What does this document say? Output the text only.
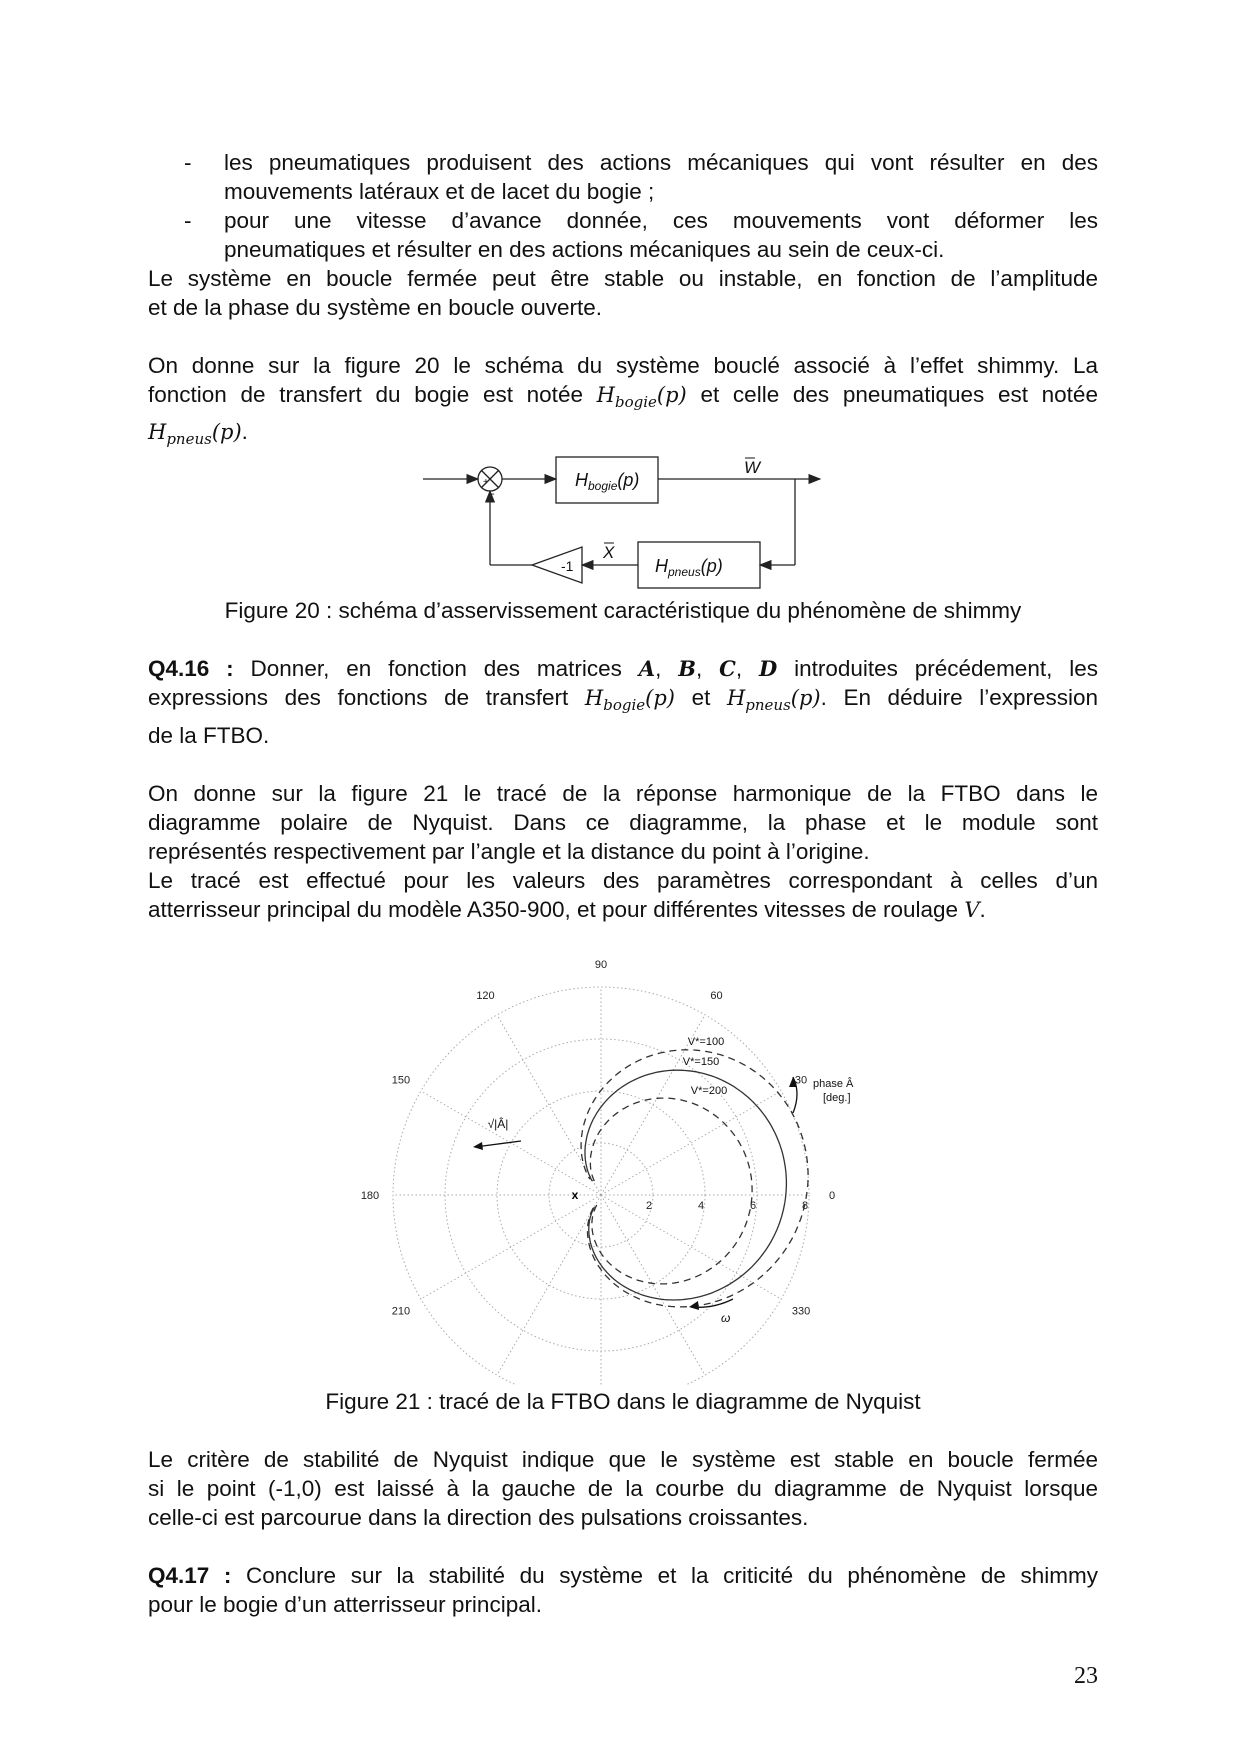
- les pneumatiques produisent des actions mécaniques qui vont résulter en des
mouvements latéraux et de lacet du bogie ;
- pour une vitesse d’avance donnée, ces mouvements vont déformer les
pneumatiques et résulter en des actions mécaniques au sein de ceux-ci.
Le système en boucle fermée peut être stable ou instable, en fonction de l’amplitude
et de la phase du système en boucle ouverte.
On donne sur la figure 20 le schéma du système bouclé associé à l’effet shimmy. La
fonction de transfert du bogie est notée $H_{bogie}(p)$ et celle des pneumatiques est notée
$H_{pneus}(p)$.
+
-
$H_{bogie}(p)$
$H_{pneus}(p)$
-1
W
X
Figure 20 : schéma d’asservissement caractéristique du phénomène de shimmy
Q4.16 : Donner, en fonction des matrices A, B, C, D introduites précédement, les
expressions des fonctions de transfert $H_{bogie}(p)$ et $H_{pneus}(p)$. En déduire l’expression
de la FTBO.
On donne sur la figure 21 le tracé de la réponse harmonique de la FTBO dans le
diagramme polaire de Nyquist. Dans ce diagramme, la phase et le module sont
représentés respectivement par l’angle et la distance du point à l’origine.
Le tracé est effectué pour les valeurs des paramètres correspondant à celles d’un
atterrisseur principal du modèle A350-900, et pour différentes vitesses de roulage V.
0
30
60
90
120
150
180
210	330
2	4	6	8
x
V*=100
V*=150
V*=200
phase Â
[deg.]
√|Â|
ω
Figure 21 : tracé de la FTBO dans le diagramme de Nyquist
Le critère de stabilité de Nyquist indique que le système est stable en boucle fermée
si le point (-1,0) est laissé à la gauche de la courbe du diagramme de Nyquist lorsque
celle-ci est parcourue dans la direction des pulsations croissantes.
Q4.17 : Conclure sur la stabilité du système et la criticité du phénomène de shimmy
pour le bogie d’un atterrisseur principal.
23
